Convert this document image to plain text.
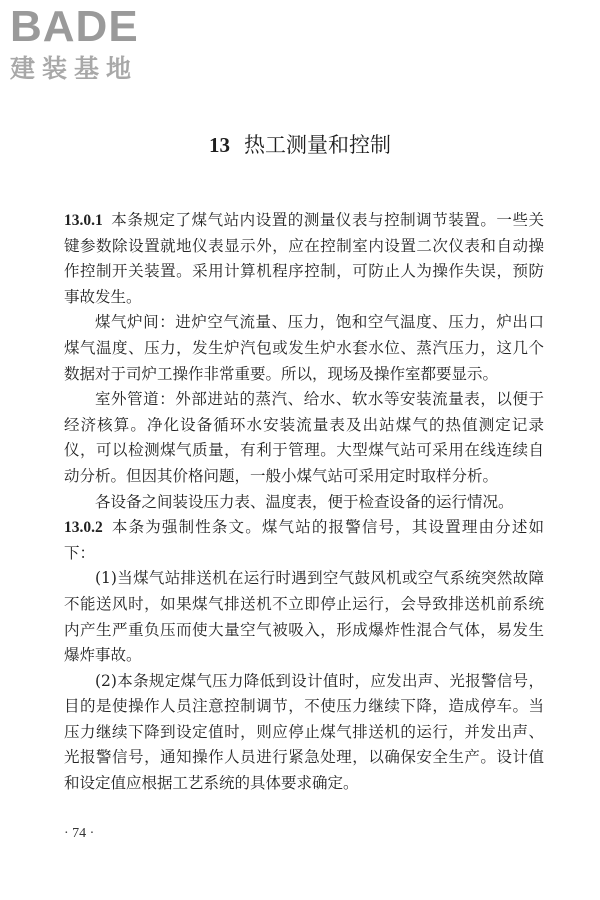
BADE
建装基地
13 热工测量和控制

13.0.1 本条规定了煤气站内设置的测量仪表与控制调节装置。一些关键参数除设置就地仪表显示外，应在控制室内设置二次仪表和自动操作控制开关装置。采用计算机程序控制，可防止人为操作失误，预防事故发生。

煤气炉间：进炉空气流量、压力，饱和空气温度、压力，炉出口煤气温度、压力，发生炉汽包或发生炉水套水位、蒸汽压力，这几个数据对于司炉工操作非常重要。所以，现场及操作室都要显示。

室外管道：外部进站的蒸汽、给水、软水等安装流量表，以便于经济核算。净化设备循环水安装流量表及出站煤气的热值测定记录仪，可以检测煤气质量，有利于管理。大型煤气站可采用在线连续自动分析。但因其价格问题，一般小煤气站可采用定时取样分析。

各设备之间装设压力表、温度表，便于检查设备的运行情况。

13.0.2 本条为强制性条文。煤气站的报警信号，其设置理由分述如下：

(1)当煤气站排送机在运行时遇到空气鼓风机或空气系统突然故障不能送风时，如果煤气排送机不立即停止运行，会导致排送机前系统内产生严重负压而使大量空气被吸入，形成爆炸性混合气体，易发生爆炸事故。

(2)本条规定煤气压力降低到设计值时，应发出声、光报警信号，目的是使操作人员注意控制调节，不使压力继续下降，造成停车。当压力继续下降到设定值时，则应停止煤气排送机的运行，并发出声、光报警信号，通知操作人员进行紧急处理，以确保安全生产。设计值和设定值应根据工艺系统的具体要求确定。

· 74 ·
